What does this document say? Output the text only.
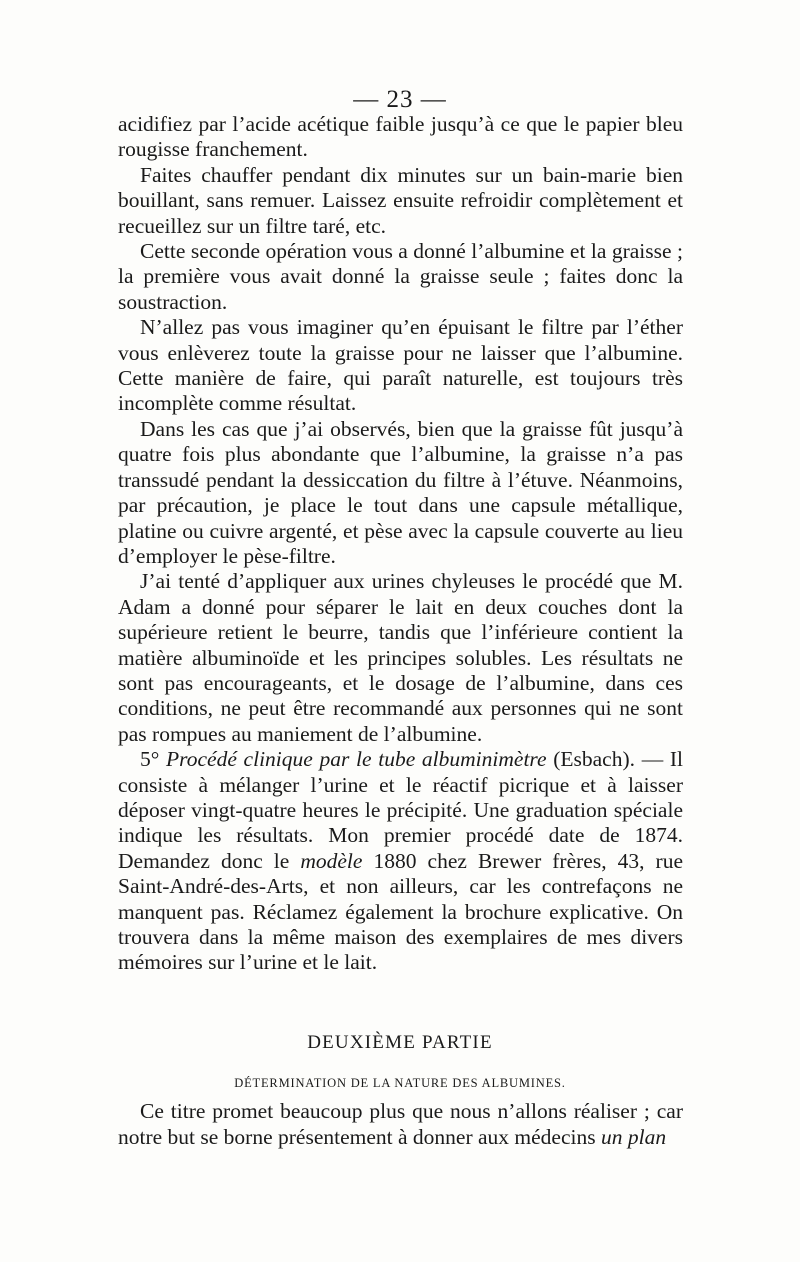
— 23 —

acidifiez par l’acide acétique faible jusqu’à ce que le papier bleu rougisse franchement.

Faites chauffer pendant dix minutes sur un bain-marie bien bouillant, sans remuer. Laissez ensuite refroidir complètement et recueillez sur un filtre taré, etc.

Cette seconde opération vous a donné l’albumine et la graisse ; la première vous avait donné la graisse seule ; faites donc la soustraction.

N’allez pas vous imaginer qu’en épuisant le filtre par l’éther vous enlèverez toute la graisse pour ne laisser que l’albumine. Cette manière de faire, qui paraît naturelle, est toujours très incomplète comme résultat.

Dans les cas que j’ai observés, bien que la graisse fût jusqu’à quatre fois plus abondante que l’albumine, la graisse n’a pas transsudé pendant la dessiccation du filtre à l’étuve. Néanmoins, par précaution, je place le tout dans une capsule métallique, platine ou cuivre argenté, et pèse avec la capsule couverte au lieu d’employer le pèse-filtre.

J’ai tenté d’appliquer aux urines chyleuses le procédé que M. Adam a donné pour séparer le lait en deux couches dont la supérieure retient le beurre, tandis que l’inférieure contient la matière albuminoïde et les principes solubles. Les résultats ne sont pas encourageants, et le dosage de l’albumine, dans ces conditions, ne peut être recommandé aux personnes qui ne sont pas rompues au maniement de l’albumine.

5° Procédé clinique par le tube albuminimètre (Esbach). — Il consiste à mélanger l’urine et le réactif picrique et à laisser déposer vingt-quatre heures le précipité. Une graduation spéciale indique les résultats. Mon premier procédé date de 1874. Demandez donc le modèle 1880 chez Brewer frères, 43, rue Saint-André-des-Arts, et non ailleurs, car les contrefaçons ne manquent pas. Réclamez également la brochure explicative. On trouvera dans la même maison des exemplaires de mes divers mémoires sur l’urine et le lait.

DEUXIÈME PARTIE
DÉTERMINATION DE LA NATURE DES ALBUMINES.

Ce titre promet beaucoup plus que nous n’allons réaliser ; car notre but se borne présentement à donner aux médecins un plan
